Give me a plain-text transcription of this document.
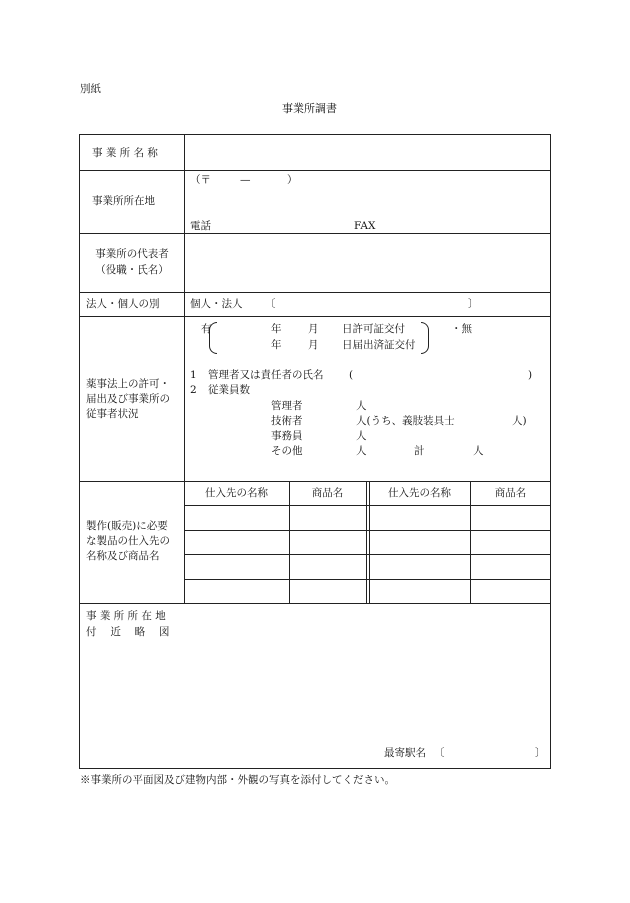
別紙
事業所調書
事 業 所 名 称
事業所所在地
（〒	—	）
電話	FAX
事業所の代表者
（役職・氏名）
法人・個人の別	個人・法人 〔	〕
薬事法上の許可・
届出及び事業所の
従事者状況
有	年	月 日許可証交付
年	月 日届出済証交付
・無
1 管理者又は責任者の氏名 (	)
2 従業員数
管理者	人
技術者	人(うち、義肢装具士	人)
事務員	人
その他	人	計	人
製作(販売)に必要
な製品の仕入先の
名称及び商品名
仕入先の名称	商品名	仕入先の名称	商品名
事 業 所 所 在 地
付　 近　 略　 図
最寄駅名 〔	〕
※事業所の平面図及び建物内部・外観の写真を添付してください。
